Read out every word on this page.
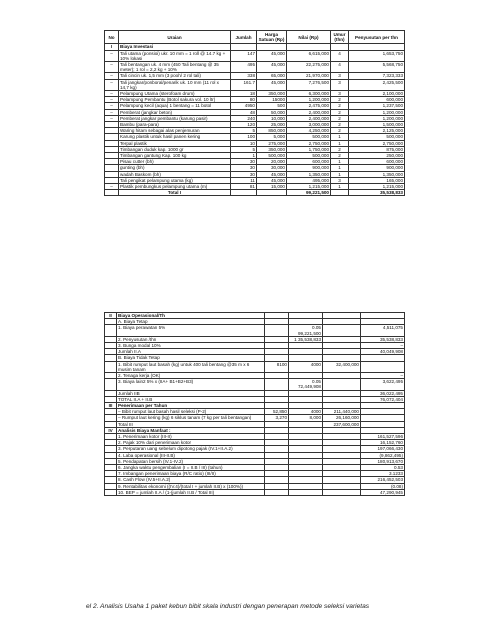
No	Uraian	Jumlah	Harga Satuan (Rp)	Nilai (Rp)	Umur (thn)	Penyusutan per thn
I	Biaya Investasi					
–	Tali utama (ponsioi) ukr. 10 mm = 1 roll @ 14.7 kg + 10% lokasi	147	45,000	6,615,000	4	1,653,750
–	Tali bentangan uk. 4 mm (450 Tali bentang @ 35 meter); 1 rol = 2,2 kg + 10%	495	45,000	22,275,000	4	5,568,750
–	Tali cincin uk. 1,5 mm (3 pooh/ 2 rol tali)	338	65,000	21,970,000	3	7,323,333
–	Tali jangkar/ponboral/penarik uk. 10 mm (11 rol x 14,7 kg)	161.7	45,000	7,276,500	3	2,425,500
–	Pelampung Utama (sterofoam drum)	18	350,000	6,300,000	3	2,100,000
–	Pelampung Pembantu (Botol sakura vol. 10 ltr)	80	15000	1,200,000	2	600,000
–	Pelampung kecil (aqua) 1 bentang = 11 botol	4950	500	2,475,000	2	1,237,500
–	Pemberat (jangkar beton)	48	50,000	2,400,000	2	1,200,000
–	Pemberat jangkar pembantu (karung pasir)	240	10,000	2,400,000	2	1,200,000
	Bambu (para-para)	120	25,000	3,000,000	2	1,500,000
	Waring hitam sebagai alas penjemuran	5	850,000	4,250,000	2	2,125,000
	Karung plastik untuk hasil panen kering	100	5,000	500,000	1	500,000
	Terpal plastik	10	275,000	2,750,000	1	2,750,000
	Timbangan duduk kap. 1000 gr	5	350,000	1,750,000	2	875,000
	Timbangan gantung Kap. 100 kg	1	500,000	500,000	2	250,000
	Pisau cutter (bh)	30	20,000	600,000	1	600,000
	gunting (bh)	30	30,000	900,000	1	900,000
	wadah Baskom (bh)	30	45,000	1,350,000	1	1,350,000
	Tali pengikat pelampung utama (kg)	11	45,000	495,000	3	165,000
–	Plastik pembungkus pelampung utama (m)	81	15,000	1,215,000	1	1,215,000
	Total I			99,221,500		35,538,833
II	Biaya Operasional/Th				
	A. Biaya Tetap				
	1. Biaya perawatan 5%		0.05 99,221,500		4,511,075
	2. Penyusutan /thn		1 35,538,833		35,538,833
	3. Bunga modal 10%				–
	Jumlah II.A				40,049,908
	B. Biaya Tidak Tetap				
	1. Bibit rumput laut basah (kg) untuk 400 tali bentang @35 m x 6 musim tanam	8100	4000	32,400,000	
	2. Tenaga kerja (OK)				–
	3. Biaya lain2 5% x (IIA+ B1+B2+B3)		0.05 72,449,908		3,622,495
	Jumlah IIB				36,022,495
	TOTAL II.A + II.B				76,072,404
III	Penerimaan per Tahun				
	– Bibit rumput laut basah hasil seleksi (P-2)	52,850	4000	211,440,000	
	– Rumput laut kering (kg) 6 siklus tanam (7 kg per tali bentangan)	3,270	8,000	26,160,000	
	Total III			237,600,000	
IV	Analisis Biaya Manfaat :				
	1. Penerimaan kotor (III-II)				161,527,596
	2. Pajak 10% dari penerimaan kotor				16,152,760
	3. Perputaran uang sebelum dipotong pajak (IV.1+II.A.2)				197,066,430
	4. Laba operasional (III-II.B)				(9,862,495)
	5. Pendapatan bersih (IV.1-IV.2)				180,913,670
	6. Jangka waktu pengembalian (I = II.B / III) (tahun)				0.53
	7. Imbangan penerimaan biaya (R/C ratio) (III/II)				3.1233
	8. Cash Flow (IV.5+II.A.2)				216,452,503
	9. Rentabilitas ekonomi ((IV.4)/(total I + jumlah II.B) x (100%))				(0.08)
	10. BEP = jumlah II.A / (1-(jumlah II.B / Total III)				47,290,945
el 2. Analisis Usaha 1 paket kebun bibit skala industri dengan penerapan metode seleksi varietas
